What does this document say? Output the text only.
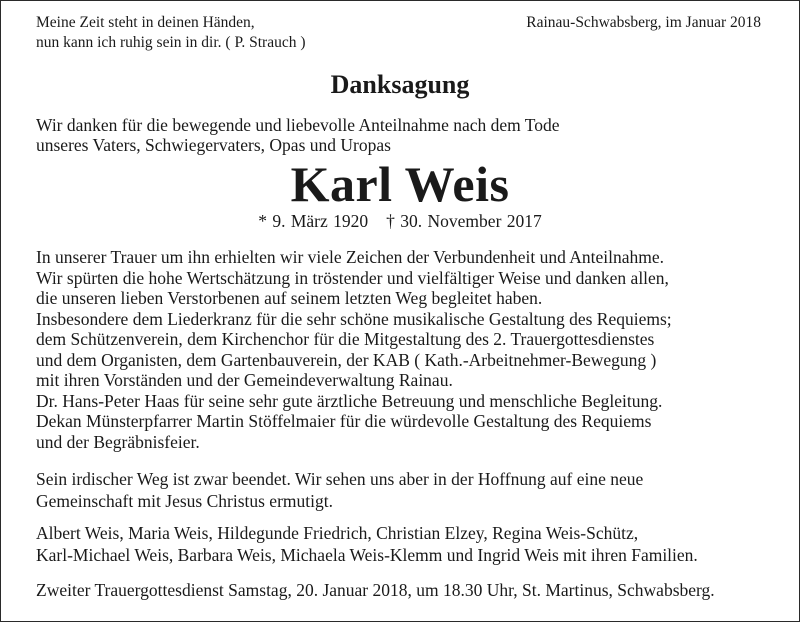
Meine Zeit steht in deinen Händen,
nun kann ich ruhig sein in dir. ( P. Strauch )
Rainau-Schwabsberg, im Januar 2018
Danksagung
Wir danken für die bewegende und liebevolle Anteilnahme nach dem Tode
unseres Vaters, Schwiegervaters, Opas und Uropas
Karl Weis
* 9. März 1920 † 30. November 2017
In unserer Trauer um ihn erhielten wir viele Zeichen der Verbundenheit und Anteilnahme.
Wir spürten die hohe Wertschätzung in tröstender und vielfältiger Weise und danken allen,
die unseren lieben Verstorbenen auf seinem letzten Weg begleitet haben.
Insbesondere dem Liederkranz für die sehr schöne musikalische Gestaltung des Requiems;
dem Schützenverein, dem Kirchenchor für die Mitgestaltung des 2. Trauergottesdienstes
und dem Organisten, dem Gartenbauverein, der KAB ( Kath.-Arbeitnehmer-Bewegung )
mit ihren Vorständen und der Gemeindeverwaltung Rainau.
Dr. Hans-Peter Haas für seine sehr gute ärztliche Betreuung und menschliche Begleitung.
Dekan Münsterpfarrer Martin Stöffelmaier für die würdevolle Gestaltung des Requiems
und der Begräbnisfeier.
Sein irdischer Weg ist zwar beendet. Wir sehen uns aber in der Hoffnung auf eine neue
Gemeinschaft mit Jesus Christus ermutigt.
Albert Weis, Maria Weis, Hildegunde Friedrich, Christian Elzey, Regina Weis-Schütz,
Karl-Michael Weis, Barbara Weis, Michaela Weis-Klemm und Ingrid Weis mit ihren Familien.
Zweiter Trauergottesdienst Samstag, 20. Januar 2018, um 18.30 Uhr, St. Martinus, Schwabsberg.
